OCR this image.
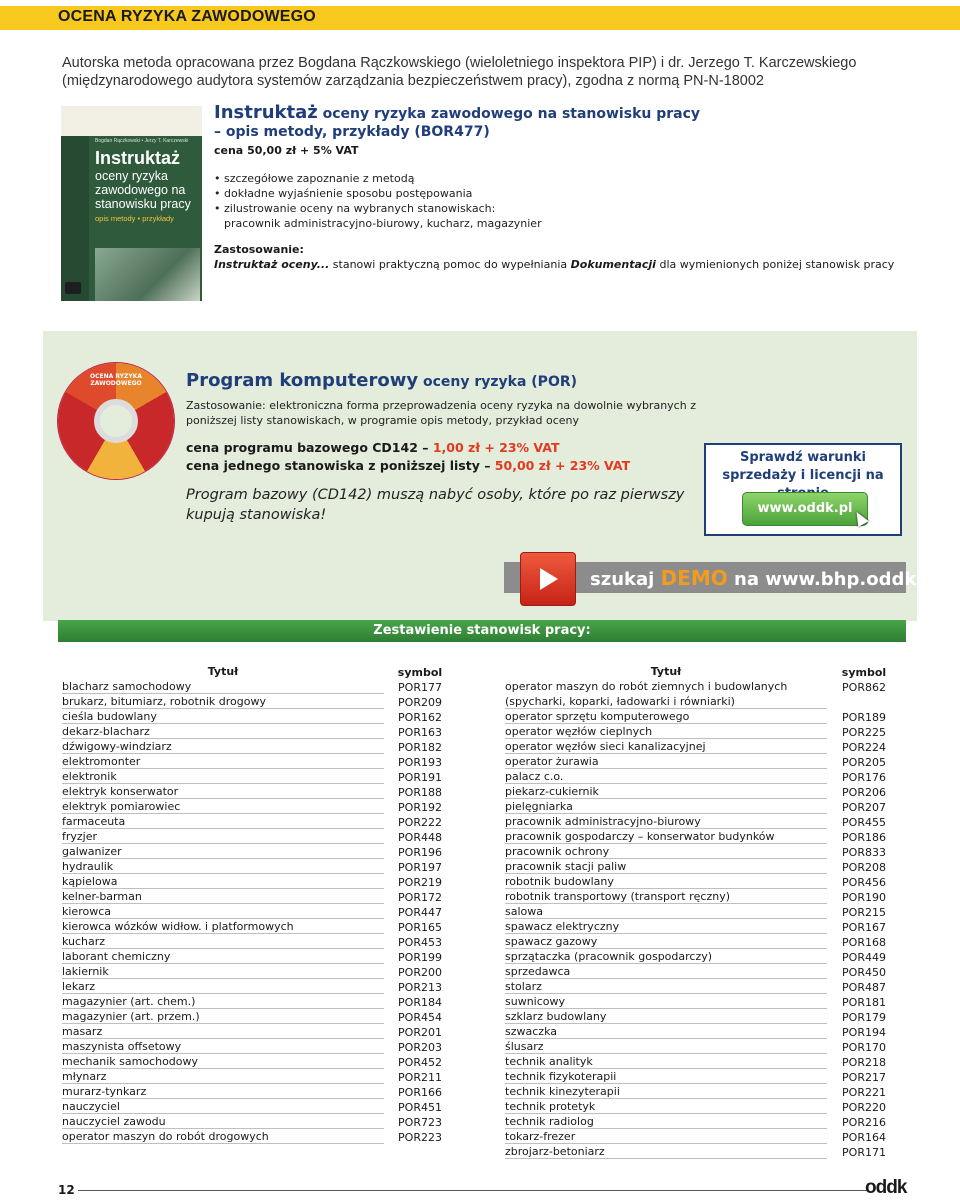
OCENA RYZYKA ZAWODOWEGO
Autorska metoda opracowana przez Bogdana Rączkowskiego (wieloletniego inspektora PIP) i dr. Jerzego T. Karczewskiego (międzynarodowego audytora systemów zarządzania bezpieczeństwem pracy), zgodna z normą PN-N-18002
Bogdan Rączkowski • Jerzy T. Karczewski
Instruktaż
oceny ryzyka zawodowego na stanowisku pracy
opis metody • przykłady
Instruktaż oceny ryzyka zawodowego na stanowisku pracy
– opis metody, przykłady (BOR477)
cena 50,00 zł + 5% VAT
• szczegółowe zapoznanie z metodą
• dokładne wyjaśnienie sposobu postępowania
• zilustrowanie oceny na wybranych stanowiskach:
pracownik administracyjno-biurowy, kucharz, magazynier
Zastosowanie:
Instruktaż oceny... stanowi praktyczną pomoc do wypełniania Dokumentacji dla wymienionych poniżej stanowisk pracy
OCENA RYZYKA ZAWODOWEGO	Program komputerowy oceny ryzyka (POR)
Zastosowanie: elektroniczna forma przeprowadzenia oceny ryzyka na dowolnie wybranych z poniższej listy stanowiskach, w programie opis metody, przykład oceny
cena programu bazowego CD142 – 1,00 zł + 23% VAT
cena jednego stanowiska z poniższej listy – 50,00 zł + 23% VAT
Program bazowy (CD142) muszą nabyć osoby, które po raz pierwszy kupują stanowiska!
Sprawdź warunki sprzedaży i licencji na
www.oddk.pl
szukaj DEMO na www.bhp.oddk.pl
Zestawienie stanowisk pracy:
Tytuł
blacharz samochodowy
brukarz, bitumiarz, robotnik drogowy
cieśla budowlany
dekarz-blacharz
dźwigowy-windziarz
elektromonter
elektronik
elektryk konserwator
elektryk pomiarowiec
farmaceuta
fryzjer
galwanizer
hydraulik
kąpielowa
kelner-barman
kierowca
kierowca wózków widłow. i platformowych
kucharz
laborant chemiczny
lakiernik
lekarz
magazynier (art. chem.)
magazynier (art. przem.)
masarz
maszynista offsetowy
mechanik samochodowy
młynarz
murarz-tynkarz
nauczyciel
nauczyciel zawodu
operator maszyn do robót drogowych
symbol
POR177
POR209
POR162
POR163
POR182
POR193
POR191
POR188
POR192
POR222
POR448
POR196
POR197
POR219
POR172
POR447
POR165
POR453
POR199
POR200
POR213
POR184
POR454
POR201
POR203
POR452
POR211
POR166
POR451
POR723
POR223
Tytuł
operator maszyn do robót ziemnych i budowlanych (spycharki, koparki, ładowarki i równiarki)
operator sprzętu komputerowego
operator węzłów cieplnych
operator węzłów sieci kanalizacyjnej
operator żurawia
palacz c.o.
piekarz-cukiernik
pielęgniarka
pracownik administracyjno-biurowy
pracownik gospodarczy – konserwator budynków
pracownik ochrony
pracownik stacji paliw
robotnik budowlany
robotnik transportowy (transport ręczny)
salowa
spawacz elektryczny
spawacz gazowy
sprzątaczka (pracownik gospodarczy)
sprzedawca
stolarz
suwnicowy
szklarz budowlany
szwaczka
ślusarz
technik analityk
technik fizykoterapii
technik kinezyterapii
technik protetyk
technik radiolog
tokarz-frezer
zbrojarz-betoniarz
symbol
POR862
POR189
POR225
POR224
POR205
POR176
POR206
POR207
POR455
POR186
POR833
POR208
POR456
POR190
POR215
POR167
POR168
POR449
POR450
POR487
POR181
POR179
POR194
POR170
POR218
POR217
POR221
POR220
POR216
POR164
POR171
12	oddk
